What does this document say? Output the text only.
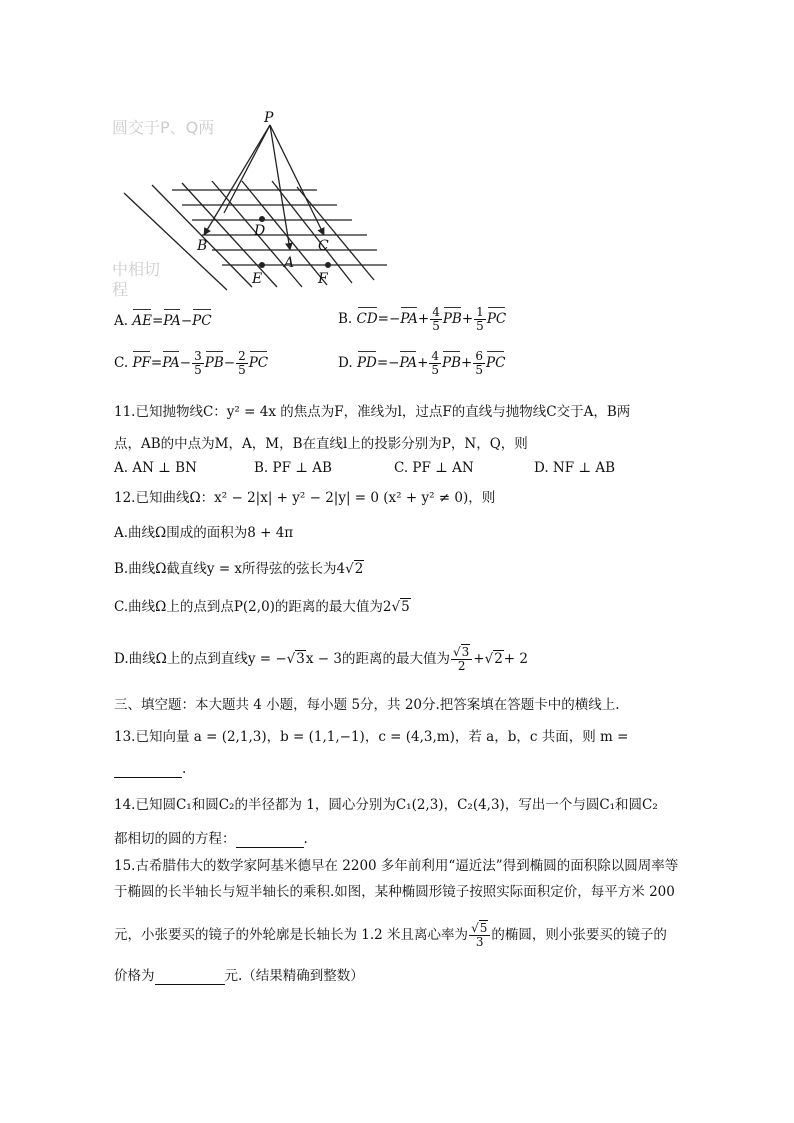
圆交于P、Q两
中相切
程
P
B
D
C
A
E	F
A. AE=PA−PC	B. $CD=-PA+ \frac{4}{5} PB+ \frac{1}{5}$ PC
C. $PF=PA- \frac{3}{5} PB- \frac{2}{5}$ PC	D. $PD=-PA+ \frac{4}{5} PB+ \frac{6}{5}$ PC
11.已知抛物线C：y² = 4x 的焦点为F，准线为l，过点F的直线与抛物线C交于A，B两
点，AB的中点为M，A，M，B在直线l上的投影分别为P，N，Q，则
A. AN ⊥ BN	B. PF ⊥ AB	C. PF ⊥ AN	D. NF ⊥ AB
12.已知曲线Ω：x² − 2|x| + y² − 2|y| = 0 (x² + y² ≠ 0)，则
A.曲线Ω围成的面积为8 + 4π
B.曲线Ω截直线y = x所得弦的弦长为4√2
C.曲线Ω上的点到点P(2,0)的距离的最大值为2√5
D.曲线Ω上的点到直线y = −√3x − 3的距离的最大值为 $\frac{√3}{2} +√2+ 2$
三、填空题：本大题共 4 小题，每小题 5分，共 20分.把答案填在答题卡中的横线上.
13.已知向量 a = (2,1,3)，b = (1,1,−1)，c = (4,3,m)，若 a，b，c 共面，则 m =
.
14.已知圆C₁和圆C₂的半径都为 1，圆心分别为C₁(2,3)，C₂(4,3)，写出一个与圆C₁和圆C₂
都相切的圆的方程：	.
15.古希腊伟大的数学家阿基米德早在 2200 多年前利用“逼近法”得到椭圆的面积除以圆周率等
于椭圆的长半轴长与短半轴长的乘积.如图，某种椭圆形镜子按照实际面积定价，每平方米 200
元，小张要买的镜子的外轮廓是长轴长为 1.2 米且离心率为 $\frac{√5}{3}$ 的椭圆，则小张要买的镜子的
价格为	元.（结果精确到整数）
